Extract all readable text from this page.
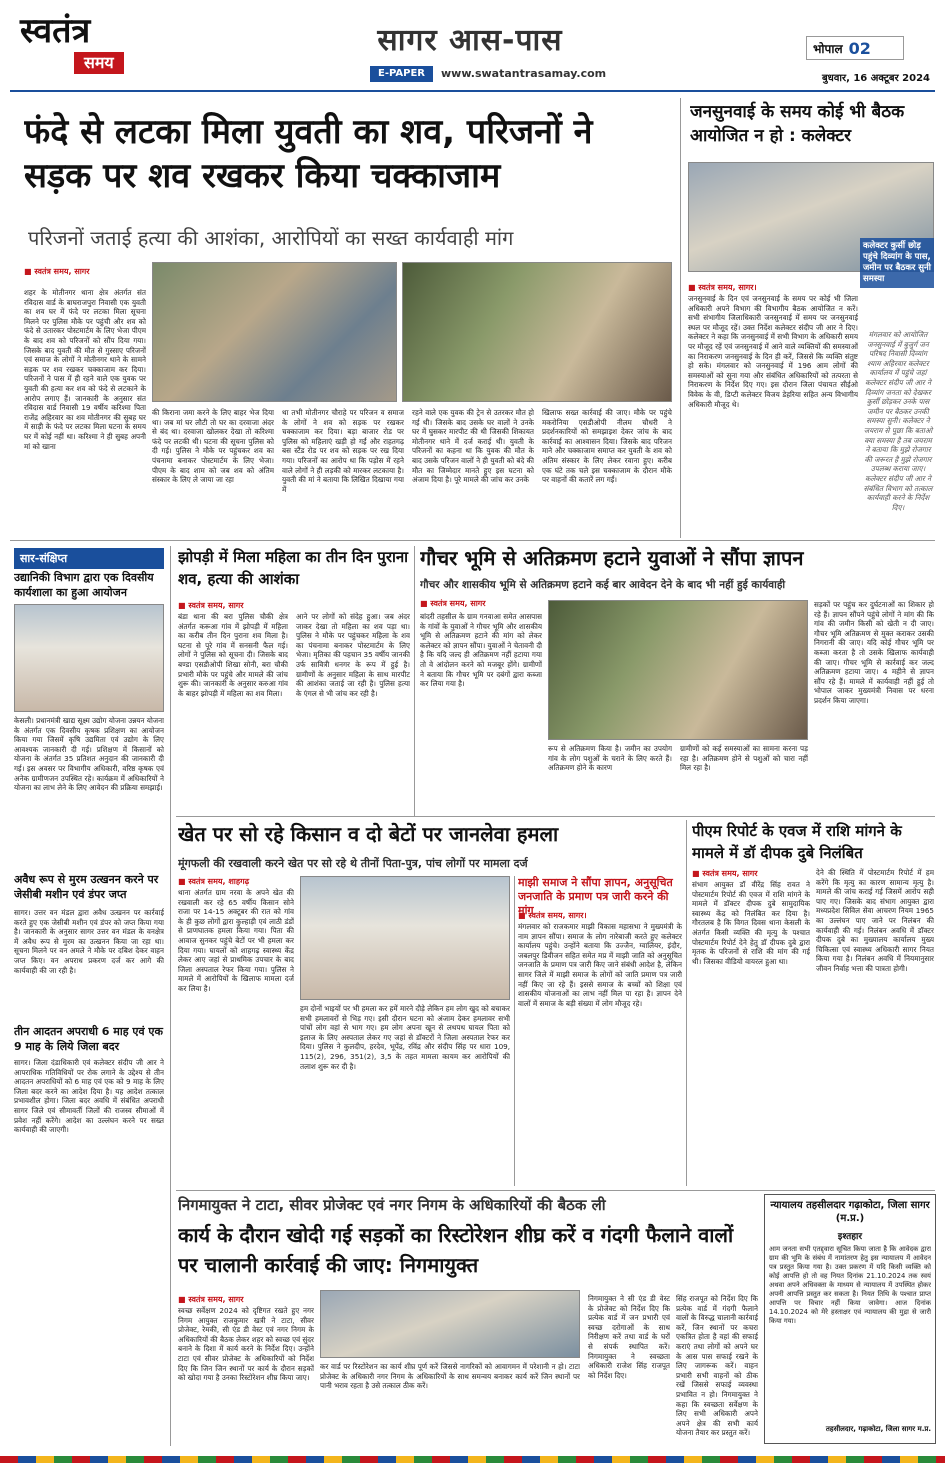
स्वतंत्र
समय
सागर आस-पास
E-PAPER	www.swatantrasamay.com
भोपाल 02
बुधवार, 16 अक्टूबर 2024
फंदे से लटका मिला युवती का शव, परिजनों ने सड़क पर शव रखकर किया चक्काजाम
परिजनों जताई हत्या की आशंका, आरोपियों का सख्त कार्यवाही मांग
■ स्वतंत्र समय, सागर
शहर के मोतीनगर थाना क्षेत्र अंतर्गत संत रविदास वार्ड के बाघराजपुरा निवासी एक युवती का शव घर में फंदे पर लटका मिला सूचना मिलने पर पुलिस मौके पर पहुंची और शव को फंदे से उतारकर पोस्टमार्टम के लिए भेजा पीएम के बाद शव को परिजनों को सौंप दिया गया। जिसके बाद युवती की मौत से गुस्साए परिजनों एवं समाज के लोगों ने मोतीनगर थाने के सामने सड़क पर शव रखकर चक्काजाम कर दिया। परिजनों ने पास में ही रहने वाले एक युवक पर युवती की हत्या कर शव को फंदे से लटकाने के आरोप लगाए हैं। जानकारी के अनुसार संत रविदास वार्ड निवासी 19 वर्षीय करिश्मा पिता राजेंद्र अहिरवार का शव मोतीनगर की सुबह घर में साड़ी के फंदे पर लटका मिला घटना के समय घर में कोई नहीं था। करिश्मा ने ही सुबह अपनी मां को खाना
की किराना जमा करने के लिए बाहर भेज दिया था। जब मां घर लौटी तो घर का दरवाजा अंदर से बंद था। दरवाजा खोलकर देखा तो करिश्मा फंदे पर लटकी थी। घटना की सूचना पुलिस को दी गई। पुलिस ने मौके पर पहुंचकर शव का पंचनामा बनाकर पोस्टमार्टम के लिए भेजा। पीएम के बाद शाम को जब शव को अंतिम संस्कार के लिए ले जाया जा रहा
था तभी मोतीनगर चौराहे पर परिजन व समाज के लोगों ने शव को सड़क पर रखकर चक्काजाम कर दिया। बड़ा बाजार रोड पर पुलिस को महिलाएं खड़ी हो गईं और राहतगढ़ बस स्टैंड रोड पर शव को सड़क पर रख दिया गया। परिजनों का आरोप था कि पड़ोस में रहने वाले लोगों ने ही लड़की को मारकर लटकाया है। युवती की मां ने बताया कि लिखित दिखाया गया में
रहने वाले एक युवक की ट्रेन से उतरकर मौत हो गई थी। जिसके बाद उसके घर वालों ने उनके घर में घुसकर मारपीट की थी जिसकी शिकायत मोतीनगर थाने में दर्ज कराई थी। युवती के परिजनों का कहना था कि युवक की मौत के बाद उसके परिजन वालों ने ही युवती को बंदे की मौत का जिम्मेदार मानते हुए इस घटना को अंजाम दिया है। पूरे मामले की जांच कर उनके
खिलाफ सख्त कार्रवाई की जाए। मौके पर पहुंचे मकरोनिया एसडीओपी नीलम चौधरी ने प्रदर्शनकारियों को समझाइश देकर जांच के बाद कार्रवाई का आश्वासन दिया। जिसके बाद परिजन माने और चक्काजाम समाप्त कर युवती के शव को अंतिम संस्कार के लिए लेकर रवाना हुए। करीब एक घंटे तक चले इस चक्काजाम के दौरान मौके पर वाहनों की कतारें लग गईं।
जनसुनवाई के समय कोई भी बैठक आयोजित न हो : कलेक्टर
कलेक्टर कुर्सी छोड़ पहुंचे दिव्यांग के पास, जमीन पर बैठकर सुनी समस्या
■ स्वतंत्र समय, सागर।
जनसुनवाई के दिन एवं जनसुनवाई के समय पर कोई भी जिला अधिकारी अपने विभाग की विभागीय बैठक आयोजित न करें। सभी संभागीय जिलाधिकारी जनसुनवाई में समय पर जनसुनवाई स्थल पर मौजूद रहें। उक्त निर्देश कलेक्टर संदीप जी आर ने दिए। कलेक्टर ने कहा कि जनसुनवाई में सभी विभाग के अधिकारी समय पर मौजूद रहें एवं जनसुनवाई में आने वाले व्यक्तियों की समस्याओं का निराकरण जनसुनवाई के दिन ही करें, जिससे कि व्यक्ति संतुष्ट हो सके। मंगलवार को जनसुनवाई में 196 आम लोगों की समस्याओं को सुना गया और संबंधित अधिकारियों को तत्परता से निराकरण के निर्देश दिए गए। इस दौरान जिला पंचायत सीईओ विवेक के वी, डिप्टी कलेक्टर विजय डेहरिया सहित अन्य विभागीय अधिकारी मौजूद थे।
मंगलवार को आयोजित जनसुनवाई में बुजुर्ग जन परिषद निवासी दिव्यांग श्याम अहिरवार कलेक्टर कार्यालय में पहुंचे जहां कलेक्टर संदीप जी आर ने दिव्यांग जनता को देखकर कुर्सी छोड़कर उनके पास जमीन पर बैठकर उनकी समस्या सुनी। कलेक्टर ने जयराम से पूछा कि बताओ क्या समस्या है तब जयराम ने बताया कि मुझे रोजगार की जरूरत है मुझे रोजगार उपलब्ध कराया जाए। कलेक्टर संदीप जी आर ने संबंधित विभाग को तत्काल कार्यवाही करने के निर्देश दिए।
सार-संक्षिप्त
उद्यानिकी विभाग द्वारा एक दिवसीय कार्यशाला का हुआ आयोजन
केसली। प्रधानमंत्री खाद्य सूक्ष्म उद्योग योजना उन्नयन योजना के अंतर्गत एक दिवसीय कृषक प्रशिक्षण का आयोजन किया गया जिसमें कृषि उद्यमिता एवं उद्योग के लिए आवश्यक जानकारी दी गई। प्रशिक्षण में किसानों को योजना के अंतर्गत 35 प्रतिशत अनुदान की जानकारी दी गई। इस अवसर पर विभागीय अधिकारी, वरिष्ठ कृषक एवं अनेक ग्रामीणजन उपस्थित रहे। कार्यक्रम में अधिकारियों ने योजना का लाभ लेने के लिए आवेदन की प्रक्रिया समझाई।
अवैध रूप से मुरम उत्खनन करने पर जेसीबी मशीन एवं डंपर जप्त
सागर। उत्तर वन मंडल द्वारा अवैध उत्खनन पर कार्रवाई करते हुए एक जेसीबी मशीन एवं डंपर को जप्त किया गया है। जानकारी के अनुसार सागर उत्तर वन मंडल के वनक्षेत्र में अवैध रूप से मुरम का उत्खनन किया जा रहा था। सूचना मिलने पर वन अमले ने मौके पर दबिश देकर वाहन जप्त किए। वन अपराध प्रकरण दर्ज कर आगे की कार्यवाही की जा रही है।
तीन आदतन अपराधी 6 माह एवं एक 9 माह के लिये जिला बदर
सागर। जिला दंडाधिकारी एवं कलेक्टर संदीप जी आर ने आपराधिक गतिविधियों पर रोक लगाने के उद्देश्य से तीन आदतन अपराधियों को 6 माह एवं एक को 9 माह के लिए जिला बदर करने का आदेश दिया है। यह आदेश तत्काल प्रभावशील होगा। जिला बदर अवधि में संबंधित अपराधी सागर जिले एवं सीमावर्ती जिलों की राजस्व सीमाओं में प्रवेश नहीं करेंगे। आदेश का उल्लंघन करने पर सख्त कार्यवाही की जाएगी।
झोपड़ी में मिला महिला का तीन दिन पुराना शव, हत्या की आशंका
■ स्वतंत्र समय, सागर
बंडा थाना की बरा पुलिस चौकी क्षेत्र अंतर्गत करूआ गांव में झोपड़ी में महिला का करीब तीन दिन पुराना शव मिला है। घटना से पूरे गांव में सनसनी फैल गई। लोगों ने पुलिस को सूचना दी। जिसके बाद बण्डा एसडीओपी शिखा सोनी, बरा चौकी प्रभारी मौके पर पहुंचे और मामले की जांच शुरू की। जानकारी के अनुसार करुआ गांव के बाहर झोपड़ी में महिला का शव मिला।
आने पर लोगों को संदेह हुआ। जब अंदर जाकर देखा तो महिला का शव पड़ा था। पुलिस ने मौके पर पहुंचकर महिला के शव का पंचनामा बनाकर पोस्टमार्टम के लिए भेजा। मृतिका की पहचान 35 वर्षीय जानकी उर्फ सावित्री धनगर के रूप में हुई है। ग्रामीणों के अनुसार महिला के साथ मारपीट की आशंका जताई जा रही है। पुलिस हत्या के एंगल से भी जांच कर रही है।
गौचर भूमि से अतिक्रमण हटाने युवाओं ने सौंपा ज्ञापन
गौचर और शासकीय भूमि से अतिक्रमण हटाने कई बार आवेदन देने के बाद भी नहीं हुई कार्यवाही
■ स्वतंत्र समय, सागर
बांदरी तहसील के ग्राम गनवाआ समेत आसपास के गांवों के युवाओं ने गौचर भूमि और शासकीय भूमि से अतिक्रमण हटाने की मांग को लेकर कलेक्टर को ज्ञापन सौंपा। युवाओं ने चेतावनी दी है कि यदि जल्द ही अतिक्रमण नहीं हटाया गया तो वे आंदोलन करने को मजबूर होंगे। ग्रामीणों ने बताया कि गौचर भूमि पर दबंगों द्वारा कब्जा कर लिया गया है।
रूप से अतिक्रमण किया है। जमीन का उपयोग गांव के लोग पशुओं के चराने के लिए करते हैं। अतिक्रमण होने के कारण
ग्रामीणों को कई समस्याओं का सामना करना पड़ रहा है। अतिक्रमण होने से पशुओं को चारा नहीं मिल रहा है।
सड़कों पर पहुंच कर दुर्घटनाओं का शिकार हो रहे हैं। ज्ञापन सौंपने पहुंचे लोगों ने मांग की कि गांव की जमीन किसी को खेती न दी जाए। गौचर भूमि अतिक्रमण से मुक्त कराकर उसकी निगरानी की जाए। यदि कोई गौचर भूमि पर कब्जा करता है तो उसके खिलाफ कार्यवाही की जाए। गौचर भूमि से कार्रवाई कर जल्द अतिक्रमण हटाया जाए। 4 महीने से ज्ञापन सौंप रहे हैं। मामले में कार्यवाही नहीं हुई तो भोपाल जाकर मुख्यमंत्री निवास पर धरना प्रदर्शन किया जाएगा।
खेत पर सो रहे किसान व दो बेटों पर जानलेवा हमला
मूंगफली की रखवाली करने खेत पर सो रहे थे तीनों पिता-पुत्र, पांच लोगों पर मामला दर्ज
■ स्वतंत्र समय, शाहगढ़
थाना अंतर्गत ग्राम नरवा के अपने खेत की रखवाली कर रहे 65 वर्षीय किसान सोने राजा पर 14-15 अक्टूबर की रात को गांव के ही कुछ लोगों द्वारा कुल्हाड़ी एवं लाठी डंडों से प्राणघातक हमला किया गया। पिता की आवाज सुनकर पहुंचे बेटों पर भी हमला कर दिया गया। घायलों को शाहगढ़ स्वास्थ्य केंद्र लेकर आए जहां से प्राथमिक उपचार के बाद जिला अस्पताल रेफर किया गया। पुलिस ने मामले में आरोपियों के खिलाफ मामला दर्ज कर लिया है।
हम दोनों भाइयों पर भी हमला कर हमें मारने दौड़े लेकिन हम लोग खुद को बचाकर सभी हमलावरों से भिड़ गए। इसी दौरान घटना को अंजाम देकर हमलावर सभी पांचों लोग वहां से भाग गए। हम लोग अपना खून से लथपथ घायल पिता को इलाज के लिए अस्पताल लेकर गए जहां से डॉक्टरों ने जिला अस्पताल रेफर कर दिया। पुलिस ने कुलदीप, हरदेव, भूपेंद्र, रविंद्र और संदीप सिंह पर धारा 109, 115(2), 296, 351(2), 3,5 के तहत मामला कायम कर आरोपियों की तलाश शुरू कर दी है।
माझी समाज ने सौंपा ज्ञापन, अनुसूचित जनजाति के प्रमाण पत्र जारी करने की मांग
■ स्वतंत्र समय, सागर।
मंगलवार को राजकमार माझी विकास महासभा ने मुख्यमंत्री के नाम ज्ञापन सौंपा। समाज के लोग नारेबाजी करते हुए कलेक्टर कार्यालय पहुंचे। उन्होंने बताया कि उज्जैन, ग्वालियर, इंदौर, जबलपुर डिवीजन सहित समेत मप्र में माझी जाति को अनुसूचित जनजाति के प्रमाण पत्र जारी किए जाने संबंधी आदेश है, लेकिन सागर जिले में माझी समाज के लोगों को जाति प्रमाण पत्र जारी नहीं किए जा रहे हैं। इससे समाज के बच्चों को शिक्षा एवं शासकीय योजनाओं का लाभ नहीं मिल पा रहा है। ज्ञापन देने वालों में समाज के बड़ी संख्या में लोग मौजूद रहे।
पीएम रिपोर्ट के एवज में राशि मांगने के मामले में डॉ दीपक दुबे निलंबित
■ स्वतंत्र समय, सागर
संभाग आयुक्त डॉ वीरेंद्र सिंह रावत ने पोस्टमार्टम रिपोर्ट की एवज में राशि मांगने के मामले में डॉक्टर दीपक दुबे सामुदायिक स्वास्थ्य केंद्र को निलंबित कर दिया है। गौरतलब है कि विगत दिवस थाना केसली के अंतर्गत किसी व्यक्ति की मृत्यु के पश्चात पोस्टमार्टम रिपोर्ट देने हेतु डॉ दीपक दुबे द्वारा मृतक के परिजनों से राशि की मांग की गई थी। जिसका वीडियो वायरल हुआ था।
देने की स्थिति में पोस्टमार्टम रिपोर्ट में हम करेंगे कि मृत्यु का कारण सामान्य मृत्यु है। मामले की जांच कराई गई जिसमें आरोप सही पाए गए। जिसके बाद संभाग आयुक्त द्वारा मध्यप्रदेश सिविल सेवा आचरण नियम 1965 का उल्लंघन पाए जाने पर निलंबन की कार्यवाही की गई। निलंबन अवधि में डॉक्टर दीपक दुबे का मुख्यालय कार्यालय मुख्य चिकित्सा एवं स्वास्थ्य अधिकारी सागर नियत किया गया है। निलंबन अवधि में नियमानुसार जीवन निर्वाह भत्ता की पात्रता होगी।
निगमायुक्त ने टाटा, सीवर प्रोजेक्ट एवं नगर निगम के अधिकारियों की बैठक ली
कार्य के दौरान खोदी गई सड़कों का रिस्टोरेशन शीघ्र करें व गंदगी फैलाने वालों पर चालानी कार्रवाई की जाए: निगमायुक्त
■ स्वतंत्र समय, सागर
स्वच्छ सर्वेक्षण 2024 को दृष्टिगत रखते हुए नगर निगम आयुक्त राजकुमार खत्री ने टाटा, सीवर प्रोजेक्ट, रेमकी, सी एंड डी वेस्ट एवं नगर निगम के अधिकारियों की बैठक लेकर शहर को स्वच्छ एवं सुंदर बनाने के दिशा में कार्य करने के निर्देश दिए। उन्होंने टाटा एवं सीवर प्रोजेक्ट के अधिकारियों को निर्देश दिए कि जिन जिन स्थानों पर कार्य के दौरान सड़कों को खोदा गया है उनका रिस्टोरेशन शीघ्र किया जाए।
कर वार्ड पर रिस्टोरेशन का कार्य शीघ्र पूर्ण करें जिससे नागरिकों को आवागमन में परेशानी न हो। टाटा प्रोजेक्ट के अधिकारी नगर निगम के अधिकारियों के साथ समन्वय बनाकर कार्य करें जिन स्थानों पर पानी भराव रहता है उसे तत्काल ठीक करें।
निगमायुक्त ने सी एंड डी वेस्ट के प्रोजेक्ट को निर्देश दिए कि प्रत्येक वार्ड में जन प्रभारी एवं स्वच्छ दरोगाओं के साथ निरीक्षण करें तथा वार्ड के घरों से संपर्क स्थापित करें। निगमायुक्त ने स्वच्छता अधिकारी राजेश सिंह राजपूत को निर्देश दिए।
सिंह राजपूत को निर्देश दिए कि प्रत्येक वार्ड में गंदगी फैलाने वालों के विरुद्ध चालानी कार्रवाई करें, जिन स्थानों पर कचरा एकत्रित होता है वहां की सफाई कराएं तथा लोगों को अपने घर के आस पास सफाई रखने के लिए जागरूक करें। वाहन प्रभारी सभी वाहनों को ठीक रखें जिससे सफाई व्यवस्था प्रभावित न हो। निगमायुक्त ने कहा कि स्वच्छता सर्वेक्षण के लिए सभी अधिकारी अपने अपने क्षेत्र की सभी कार्य योजना तैयार कर प्रस्तुत करें।
न्यायालय तहसीलदार गढ़ाकोटा, जिला सागर (म.प्र.)
इश्तहार
आम जनता सभी एतद्द्वारा सूचित किया जाता है कि आवेदक द्वारा ग्राम की भूमि के संबंध में नामांतरण हेतु इस न्यायालय में आवेदन पत्र प्रस्तुत किया गया है। उक्त प्रकरण में यदि किसी व्यक्ति को कोई आपत्ति हो तो वह नियत दिनांक 21.10.2024 तक स्वयं अथवा अपने अधिवक्ता के माध्यम से न्यायालय में उपस्थित होकर अपनी आपत्ति प्रस्तुत कर सकता है। नियत तिथि के पश्चात प्राप्त आपत्ति पर विचार नहीं किया जावेगा। आज दिनांक 14.10.2024 को मेरे हस्ताक्षर एवं न्यायालय की मुद्रा से जारी किया गया।
तहसीलदार, गढ़ाकोटा, जिला सागर म.प्र.
